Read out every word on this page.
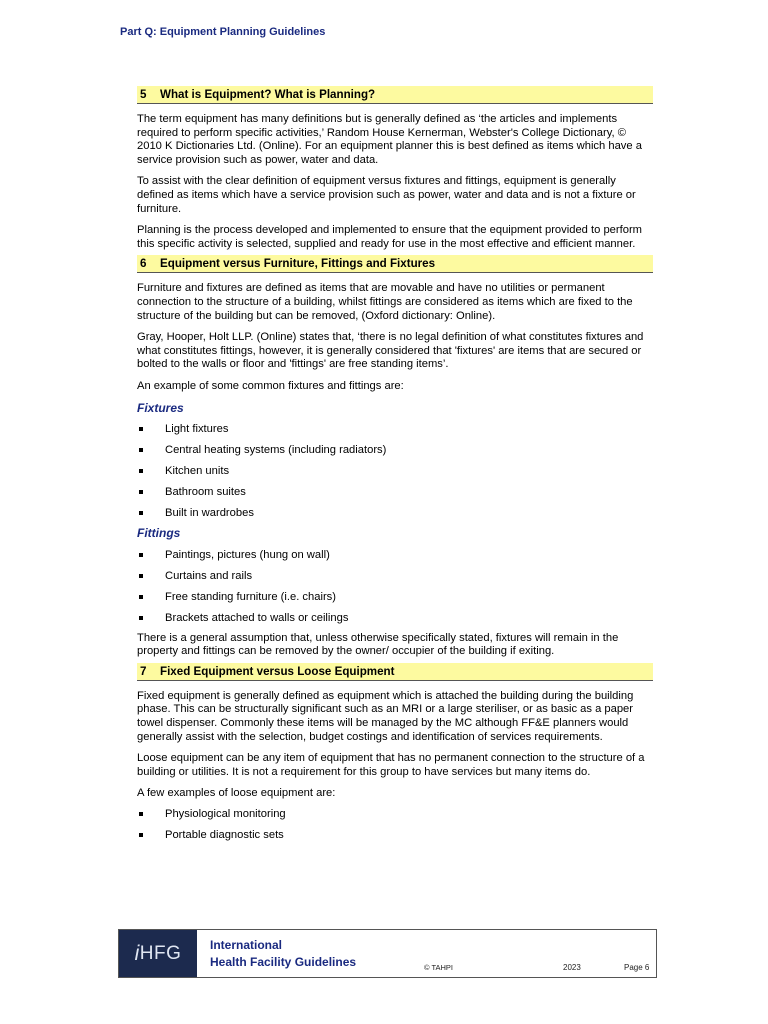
Part Q: Equipment Planning Guidelines
5	What is Equipment? What is Planning?

The term equipment has many definitions but is generally defined as ‘the articles and implements required to perform specific activities,’ Random House Kernerman, Webster's College Dictionary, © 2010 K Dictionaries Ltd. (Online). For an equipment planner this is best defined as items which have a service provision such as power, water and data.

To assist with the clear definition of equipment versus fixtures and fittings, equipment is generally defined as items which have a service provision such as power, water and data and is not a fixture or furniture.

Planning is the process developed and implemented to ensure that the equipment provided to perform this specific activity is selected, supplied and ready for use in the most effective and efficient manner.

6	Equipment versus Furniture, Fittings and Fixtures

Furniture and fixtures are defined as items that are movable and have no utilities or permanent connection to the structure of a building, whilst fittings are considered as items which are fixed to the structure of the building but can be removed, (Oxford dictionary: Online).

Gray, Hooper, Holt LLP. (Online) states that, ‘there is no legal definition of what constitutes fixtures and what constitutes fittings, however, it is generally considered that 'fixtures' are items that are secured or bolted to the walls or floor and 'fittings' are free standing items’.

An example of some common fixtures and fittings are:

Fixtures

Light fixtures
Central heating systems (including radiators)
Kitchen units
Bathroom suites
Built in wardrobes

Fittings

Paintings, pictures (hung on wall)
Curtains and rails
Free standing furniture (i.e. chairs)
Brackets attached to walls or ceilings

There is a general assumption that, unless otherwise specifically stated, fixtures will remain in the property and fittings can be removed by the owner/ occupier of the building if exiting.

7	Fixed Equipment versus Loose Equipment

Fixed equipment is generally defined as equipment which is attached the building during the building phase. This can be structurally significant such as an MRI or a large steriliser, or as basic as a paper towel dispenser. Commonly these items will be managed by the MC although FF&E planners would generally assist with the selection, budget costings and identification of services requirements.

Loose equipment can be any item of equipment that has no permanent connection to the structure of a building or utilities. It is not a requirement for this group to have services but many items do.

A few examples of loose equipment are:

Physiological monitoring
Portable diagnostic sets
i HFG International
Health Facility Guidelines	© TAHPI	2023	Page 6
